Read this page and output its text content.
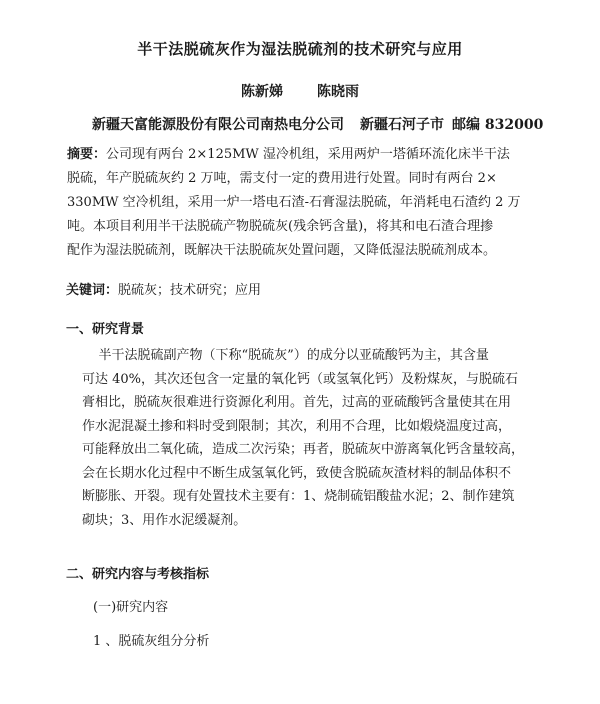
半干法脱硫灰作为湿法脱硫剂的技术研究与应用
陈新娣 陈晓雨
新疆天富能源股份有限公司南热电分公司 新疆石河子市 邮编 832000
摘要：公司现有两台 2×125MW 湿冷机组，采用两炉一塔循环流化床半干法
脱硫，年产脱硫灰约 2 万吨，需支付一定的费用进行处置。同时有两台 2×
330MW 空冷机组，采用一炉一塔电石渣-石膏湿法脱硫，年消耗电石渣约 2 万
吨。本项目利用半干法脱硫产物脱硫灰(残余钙含量)，将其和电石渣合理掺
配作为湿法脱硫剂，既解决干法脱硫灰处置问题，又降低湿法脱硫剂成本。
关键词：脱硫灰；技术研究；应用
一、研究背景
半干法脱硫副产物（下称“脱硫灰”）的成分以亚硫酸钙为主，其含量
可达 40%，其次还包含一定量的氧化钙（或氢氧化钙）及粉煤灰，与脱硫石
膏相比，脱硫灰很难进行资源化利用。首先，过高的亚硫酸钙含量使其在用
作水泥混凝土掺和料时受到限制；其次，利用不合理，比如煅烧温度过高，
可能释放出二氧化硫，造成二次污染；再者，脱硫灰中游离氧化钙含量较高，
会在长期水化过程中不断生成氢氧化钙，致使含脱硫灰渣材料的制品体积不
断膨胀、开裂。现有处置技术主要有：1、烧制硫铝酸盐水泥；2、制作建筑
砌块；3、用作水泥缓凝剂。
二、研究内容与考核指标
(一)研究内容
1 、脱硫灰组分分析
